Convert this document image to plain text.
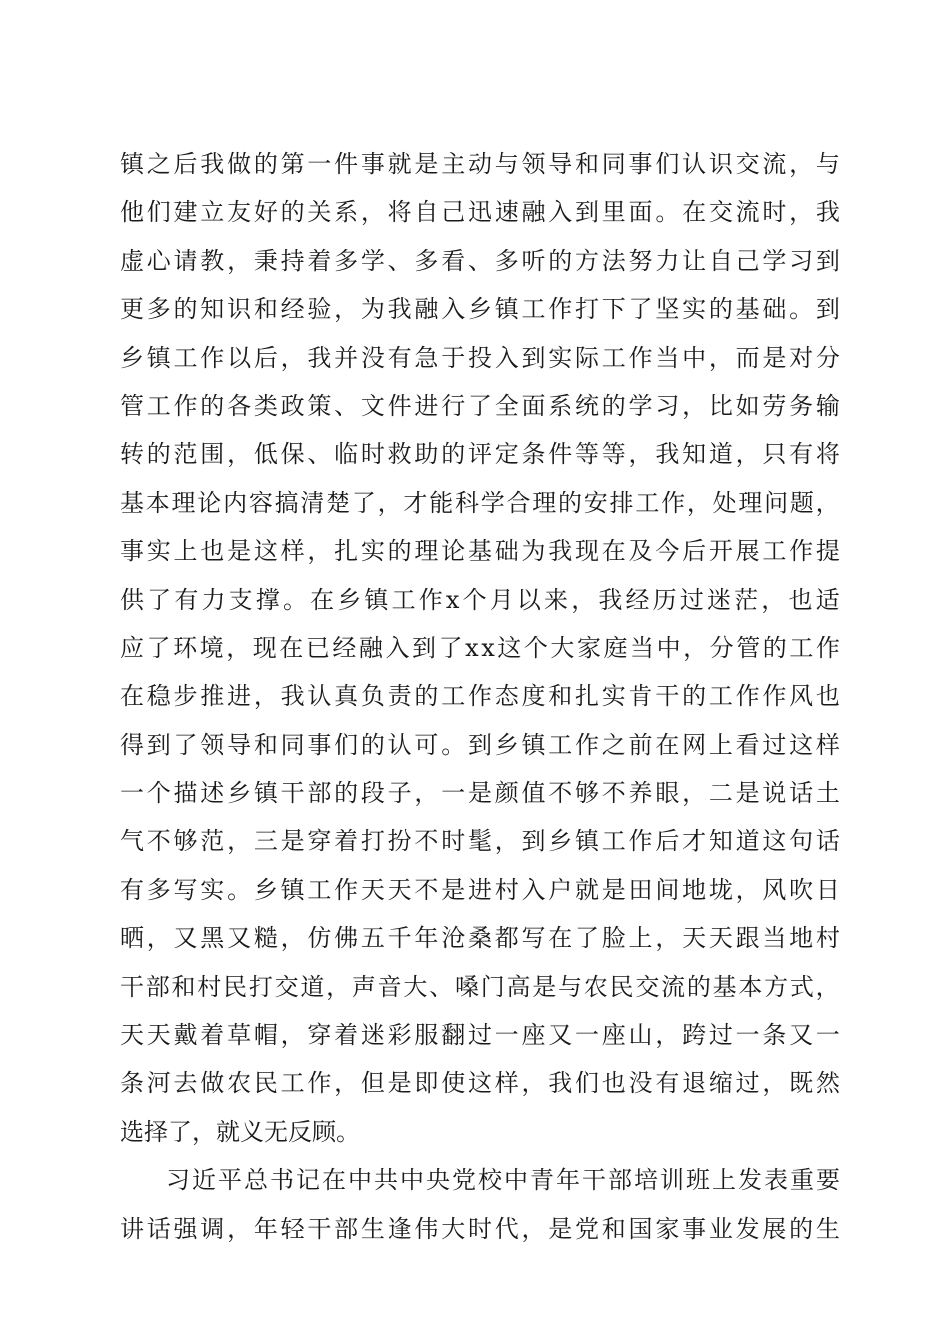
镇 之 后 我 做 的 第 一 件 事 就 是 主 动 与 领 导 和 同 事 们 认 识 交 流 ， 与
他 们 建 立 友 好 的 关 系 ， 将 自 己 迅 速 融 入 到 里 面 。 在 交 流 时 ， 我
虚 心 请 教 ， 秉 持 着 多 学 、 多 看 、 多 听 的 方 法 努 力 让 自 己 学 习 到
更 多 的 知 识 和 经 验 ， 为 我 融 入 乡 镇 工 作 打 下 了 坚 实 的 基 础 。 到
乡 镇 工 作 以 后 ， 我 并 没 有 急 于 投 入 到 实 际 工 作 当 中 ， 而 是 对 分
管 工 作 的 各 类 政 策 、 文 件 进 行 了 全 面 系 统 的 学 习 ， 比 如 劳 务 输
转 的 范 围 ， 低 保 、 临 时 救 助 的 评 定 条 件 等 等 ， 我 知 道 ， 只 有 将
基 本 理 论 内 容 搞 清 楚 了 ， 才 能 科 学 合 理 的 安 排 工 作 ， 处 理 问 题 ，
事 实 上 也 是 这 样 ， 扎 实 的 理 论 基 础 为 我 现 在 及 今 后 开 展 工 作 提
供 了 有 力 支 撑 。 在 乡 镇 工 作 x 个 月 以 来 ， 我 经 历 过 迷 茫 ， 也 适
应 了 环 境 ， 现 在 已 经 融 入 到 了 x x 这 个 大 家 庭 当 中 ， 分 管 的 工 作
在 稳 步 推 进 ， 我 认 真 负 责 的 工 作 态 度 和 扎 实 肯 干 的 工 作 作 风 也
得 到 了 领 导 和 同 事 们 的 认 可 。 到 乡 镇 工 作 之 前 在 网 上 看 过 这 样
一 个 描 述 乡 镇 干 部 的 段 子 ， 一 是 颜 值 不 够 不 养 眼 ， 二 是 说 话 土
气 不 够 范 ， 三 是 穿 着 打 扮 不 时 髦 ， 到 乡 镇 工 作 后 才 知 道 这 句 话
有 多 写 实 。 乡 镇 工 作 天 天 不 是 进 村 入 户 就 是 田 间 地 垅 ， 风 吹 日
晒 ， 又 黑 又 糙 ， 仿 佛 五 千 年 沧 桑 都 写 在 了 脸 上 ， 天 天 跟 当 地 村
干 部 和 村 民 打 交 道 ， 声 音 大 、 嗓 门 高 是 与 农 民 交 流 的 基 本 方 式 ，
天 天 戴 着 草 帽 ， 穿 着 迷 彩 服 翻 过 一 座 又 一 座 山 ， 跨 过 一 条 又 一
条 河 去 做 农 民 工 作 ， 但 是 即 使 这 样 ， 我 们 也 没 有 退 缩 过 ， 既 然
选择了，就义无反顾。
习 近 平 总 书 记 在 中 共 中 央 党 校 中 青 年 干 部 培 训 班 上 发 表 重 要
讲 话 强 调 ， 年 轻 干 部 生 逢 伟 大 时 代 ， 是 党 和 国 家 事 业 发 展 的 生
